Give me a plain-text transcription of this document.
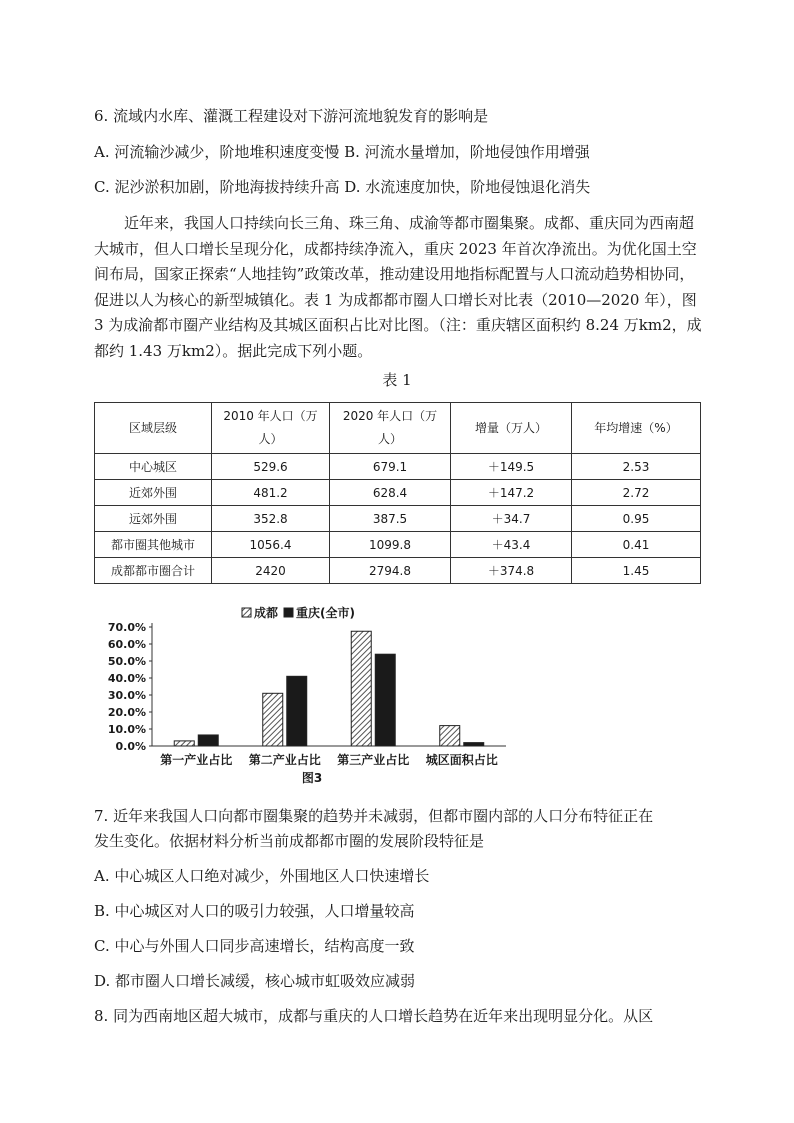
6. 流域内水库、灌溉工程建设对下游河流地貌发育的影响是
A. 河流输沙减少，阶地堆积速度变慢 B. 河流水量增加，阶地侵蚀作用增强
C. 泥沙淤积加剧，阶地海拔持续升高 D. 水流速度加快，阶地侵蚀退化消失
近年来，我国人口持续向长三角、珠三角、成渝等都市圈集聚。成都、重庆同为西南超大城市，但人口增长呈现分化，成都持续净流入，重庆 2023 年首次净流出。为优化国土空间布局，国家正探索“人地挂钩”政策改革，推动建设用地指标配置与人口流动趋势相协同，促进以人为核心的新型城镇化。表 1 为成都都市圈人口增长对比表（2010—2020 年），图 3 为成渝都市圈产业结构及其城区面积占比对比图。（注：重庆辖区面积约 8.24 万km2，成都约 1.43 万km2）。据此完成下列小题。
表 1
区域层级	2010 年人口（万人）	2020 年人口（万人）	增量（万人）	年均增速（%）
中心城区	529.6	679.1	＋149.5	2.53
近郊外围	481.2	628.4	＋147.2	2.72
远郊外围	352.8	387.5	＋34.7	0.95
都市圈其他城市	1056.4	1099.8	＋43.4	0.41
成都都市圈合计	2420	2794.8	＋374.8	1.45
0.0%
10.0%
20.0%
30.0%
40.0%
50.0%
60.0%
70.0%
第一产业占比 第二产业占比 第三产业占比 城区面积占比
成都 重庆(全市)
图3
7. 近年来我国人口向都市圈集聚的趋势并未减弱，但都市圈内部的人口分布特征正在
发生变化。依据材料分析当前成都都市圈的发展阶段特征是
A. 中心城区人口绝对减少，外围地区人口快速增长
B. 中心城区对人口的吸引力较强，人口增量较高
C. 中心与外围人口同步高速增长，结构高度一致
D. 都市圈人口增长减缓，核心城市虹吸效应减弱
8. 同为西南地区超大城市，成都与重庆的人口增长趋势在近年来出现明显分化。从区
